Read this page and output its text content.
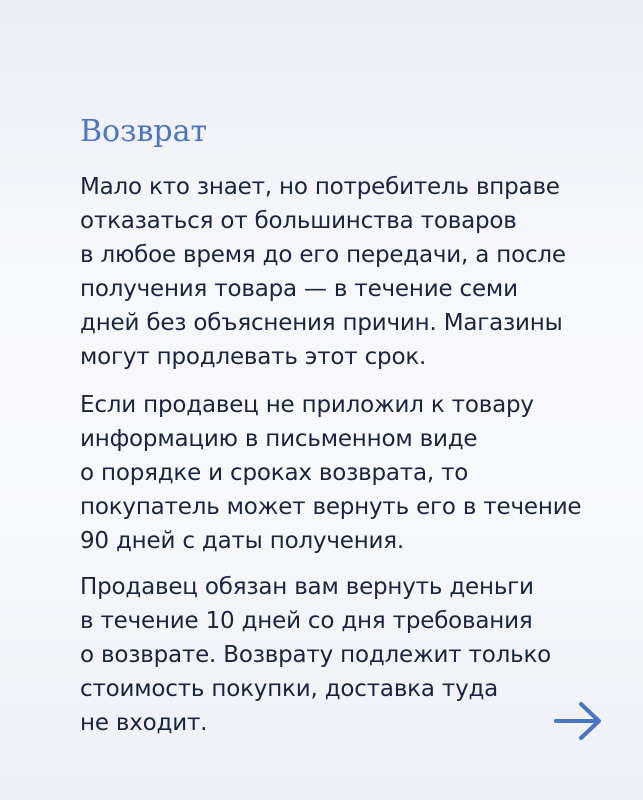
Возврат

Мало кто знает, но потребитель вправе
отказаться от большинства товаров
в любое время до его передачи, а после
получения товара — в течение семи
дней без объяснения причин. Магазины
могут продлевать этот срок.

Если продавец не приложил к товару
информацию в письменном виде
о порядке и сроках возврата, то
покупатель может вернуть его в течение
90 дней с даты получения.

Продавец обязан вам вернуть деньги
в течение 10 дней со дня требования
о возврате. Возврату подлежит только
стоимость покупки, доставка туда
не входит.
